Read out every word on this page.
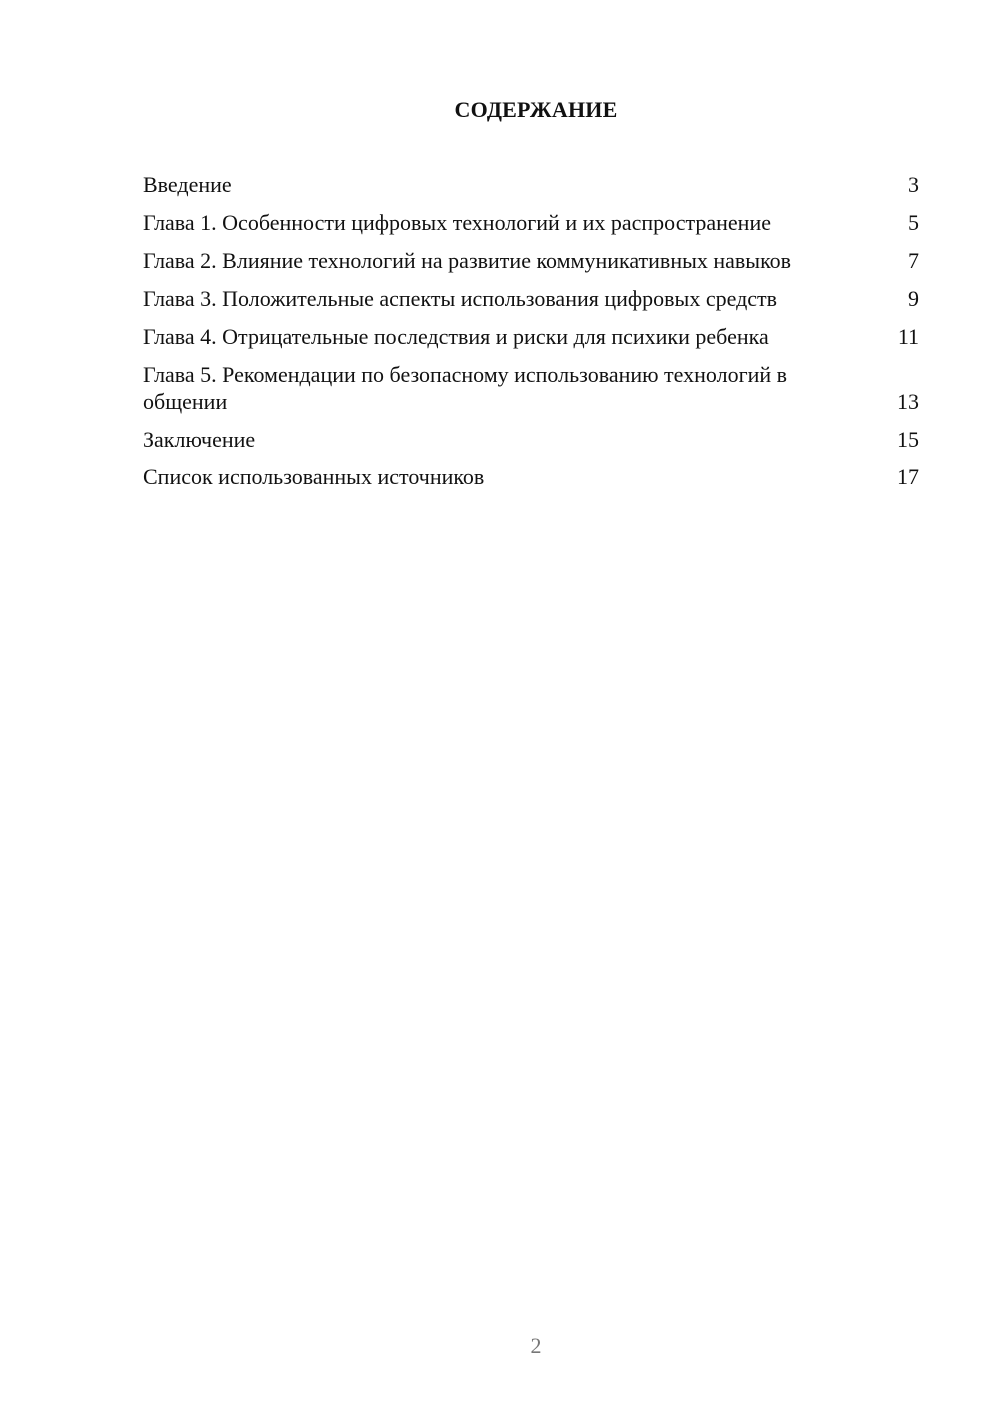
СОДЕРЖАНИЕ
Введение	3
Глава 1. Особенности цифровых технологий и их распространение	5
Глава 2. Влияние технологий на развитие коммуникативных навыков	7
Глава 3. Положительные аспекты использования цифровых средств	9
Глава 4. Отрицательные последствия и риски для психики ребенка	11
Глава 5. Рекомендации по безопасному использованию технологий в общении	13
Заключение	15
Список использованных источников	17
2
